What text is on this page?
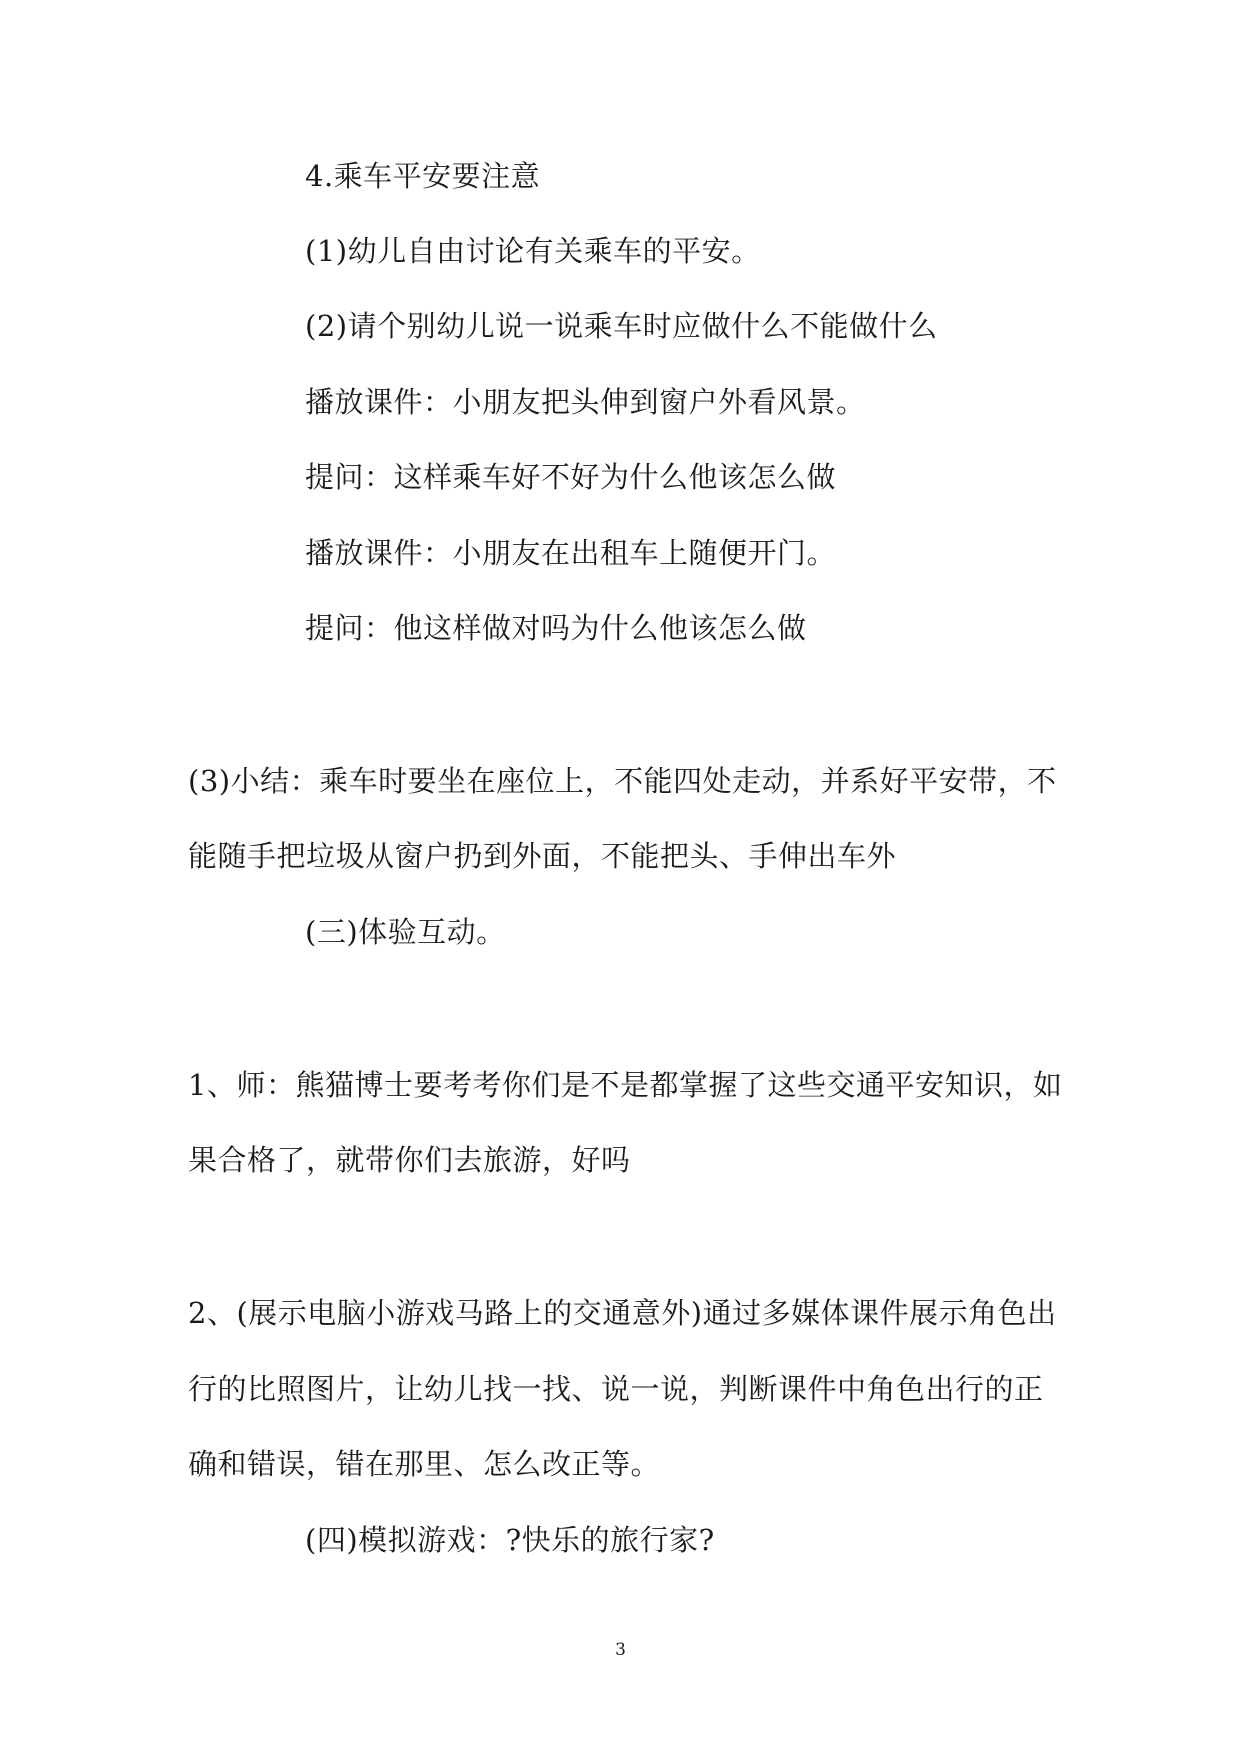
4.乘车平安要注意
(1)幼儿自由讨论有关乘车的平安。
(2)请个别幼儿说一说乘车时应做什么不能做什么
播放课件：小朋友把头伸到窗户外看风景。
提问：这样乘车好不好为什么他该怎么做
播放课件：小朋友在出租车上随便开门。
提问：他这样做对吗为什么他该怎么做
(3)小结：乘车时要坐在座位上，不能四处走动，并系好平安带，不
能随手把垃圾从窗户扔到外面，不能把头、手伸出车外
(三)体验互动。
1、师：熊猫博士要考考你们是不是都掌握了这些交通平安知识，如
果合格了，就带你们去旅游，好吗
2、(展示电脑小游戏马路上的交通意外)通过多媒体课件展示角色出
行的比照图片，让幼儿找一找、说一说，判断课件中角色出行的正
确和错误，错在那里、怎么改正等。
(四)模拟游戏：?快乐的旅行家?
3
